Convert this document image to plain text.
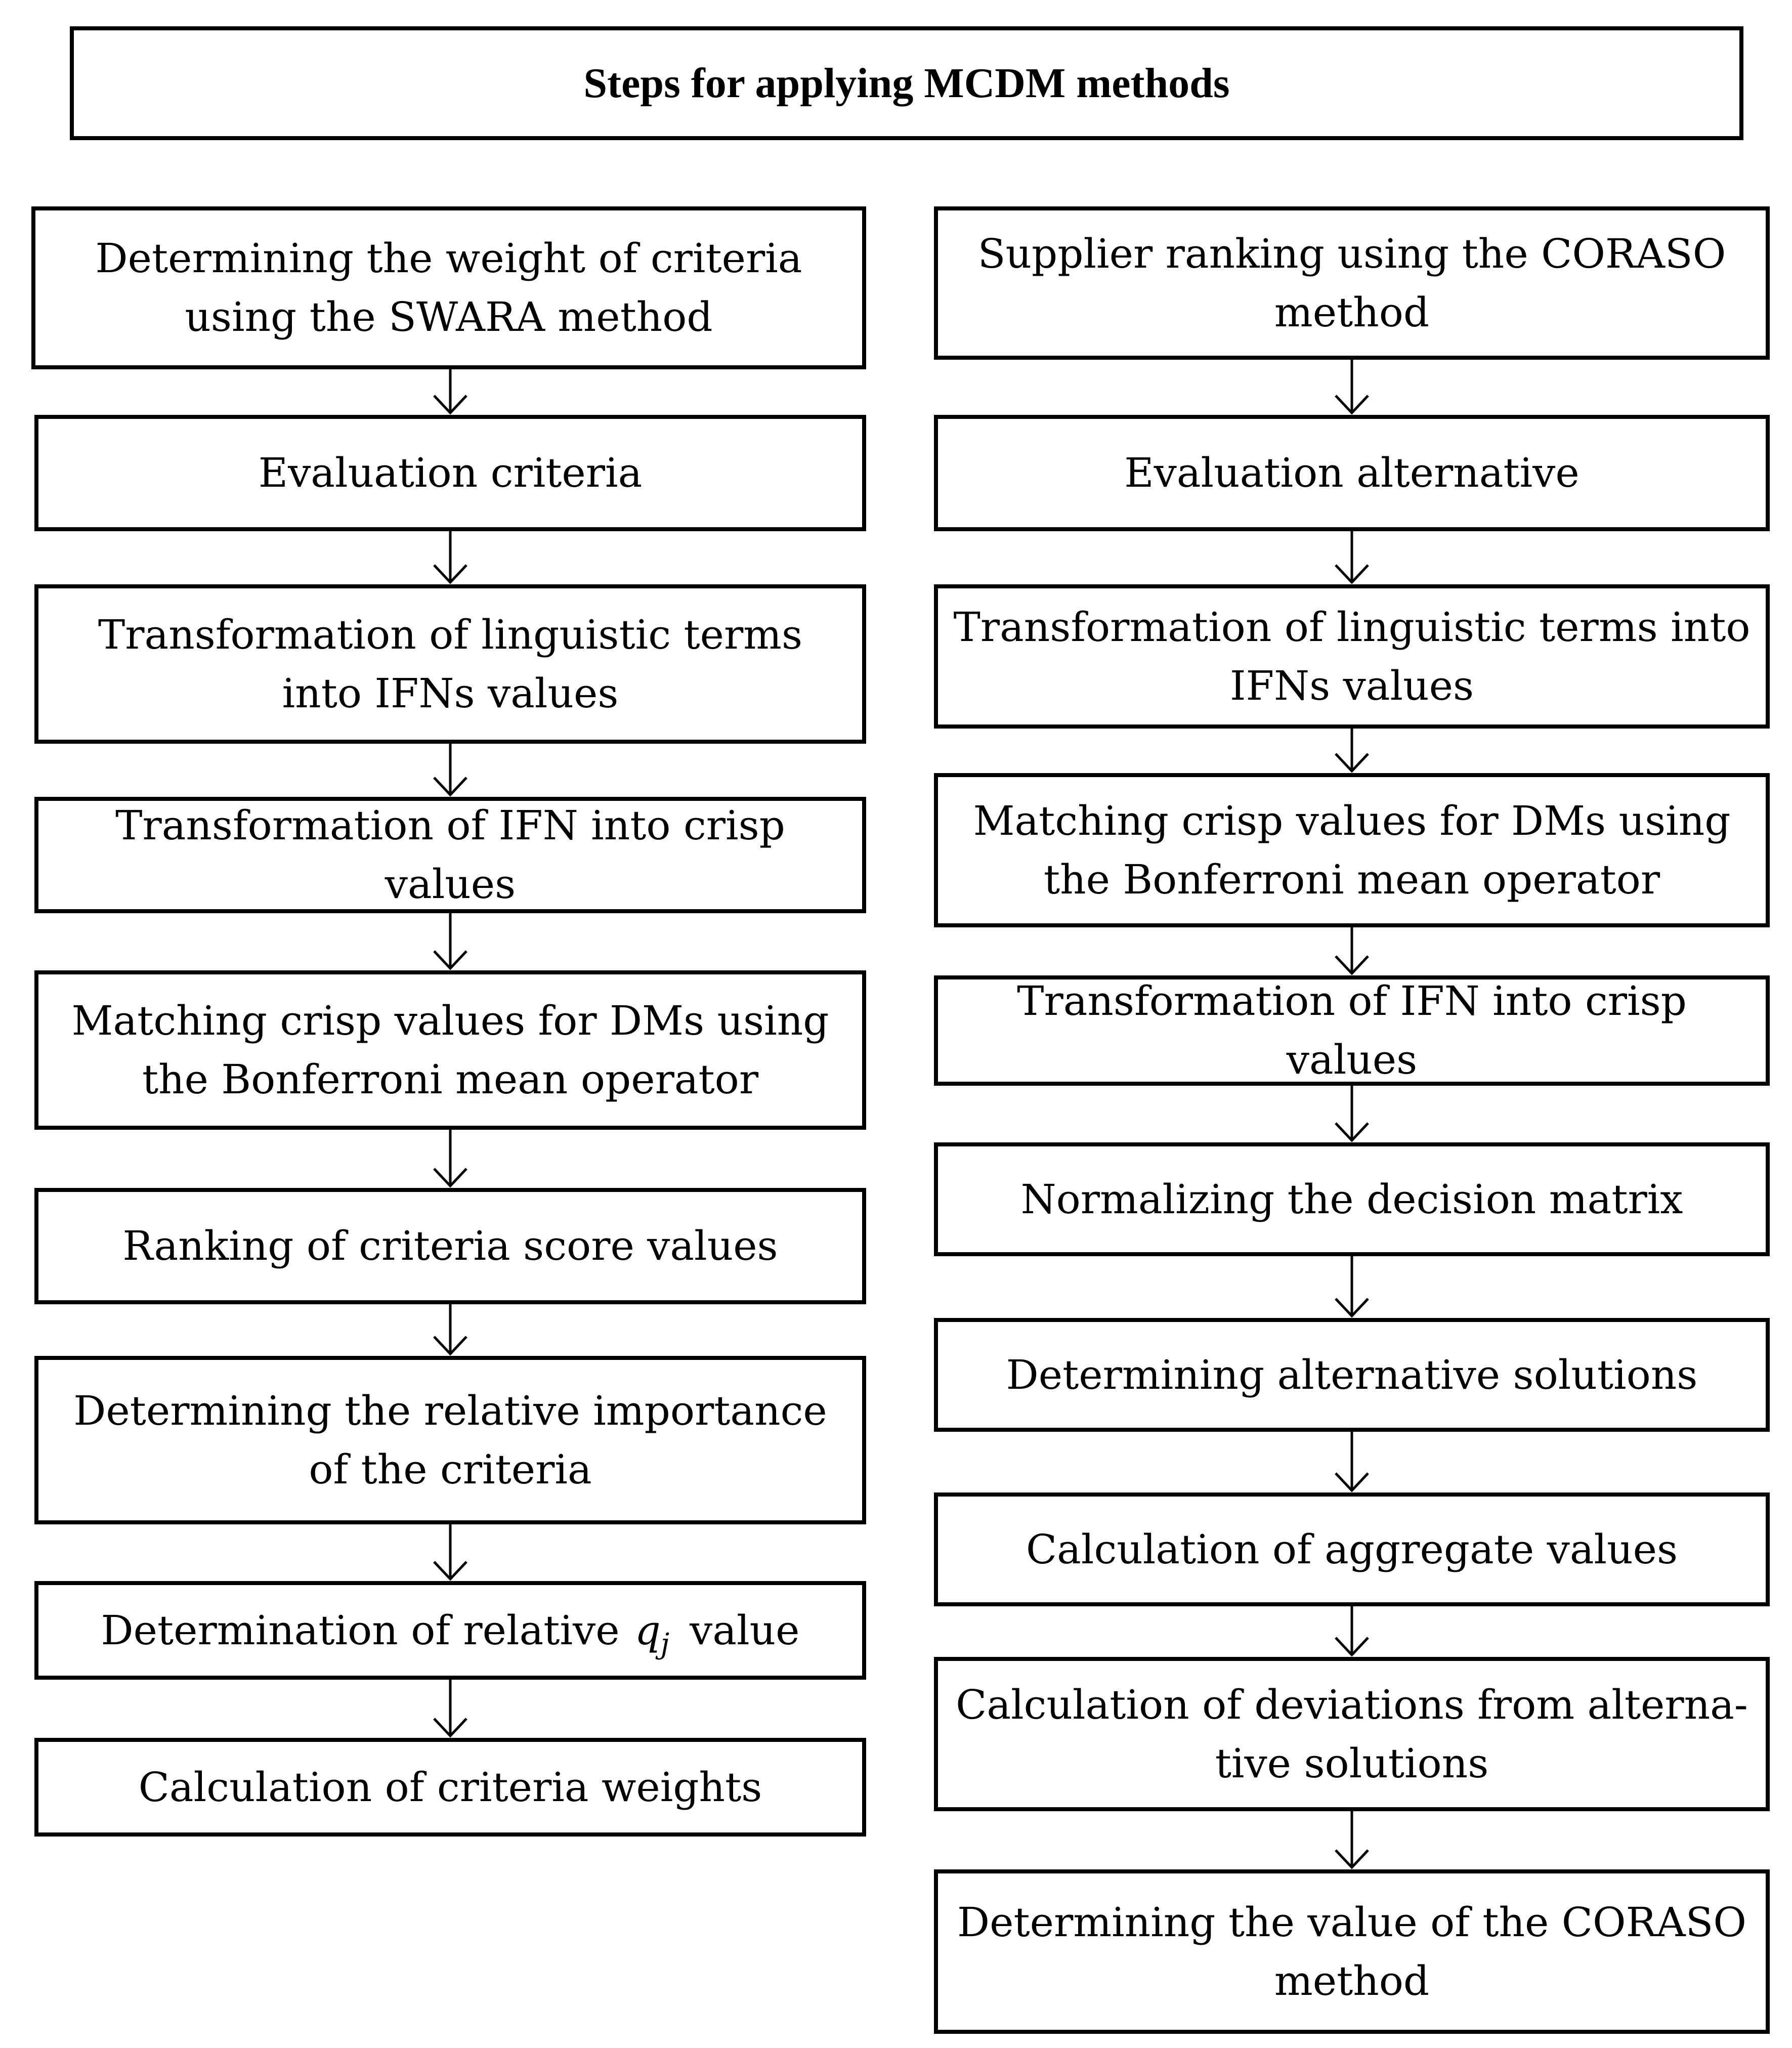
Steps for applying MCDM methods
Determining the weight of criteria using the SWARA method
Evaluation criteria
Transformation of linguistic terms into IFNs values
Transformation of IFN into crisp values
Matching crisp values for DMs using the Bonferroni mean operator
Ranking of criteria score values
Determining the relative importance of the criteria
Determination of relative $q_j$ value
Calculation of criteria weights
Supplier ranking using the CORASO method
Evaluation alternative
Transformation of linguistic terms into IFNs values
Matching crisp values for DMs using the Bonferroni mean operator
Transformation of IFN into crisp values
Normalizing the decision matrix
Determining alternative solutions
Calculation of aggregate values
Calculation of deviations from alterna-tive solutions
Determining the value of the CORASO method
